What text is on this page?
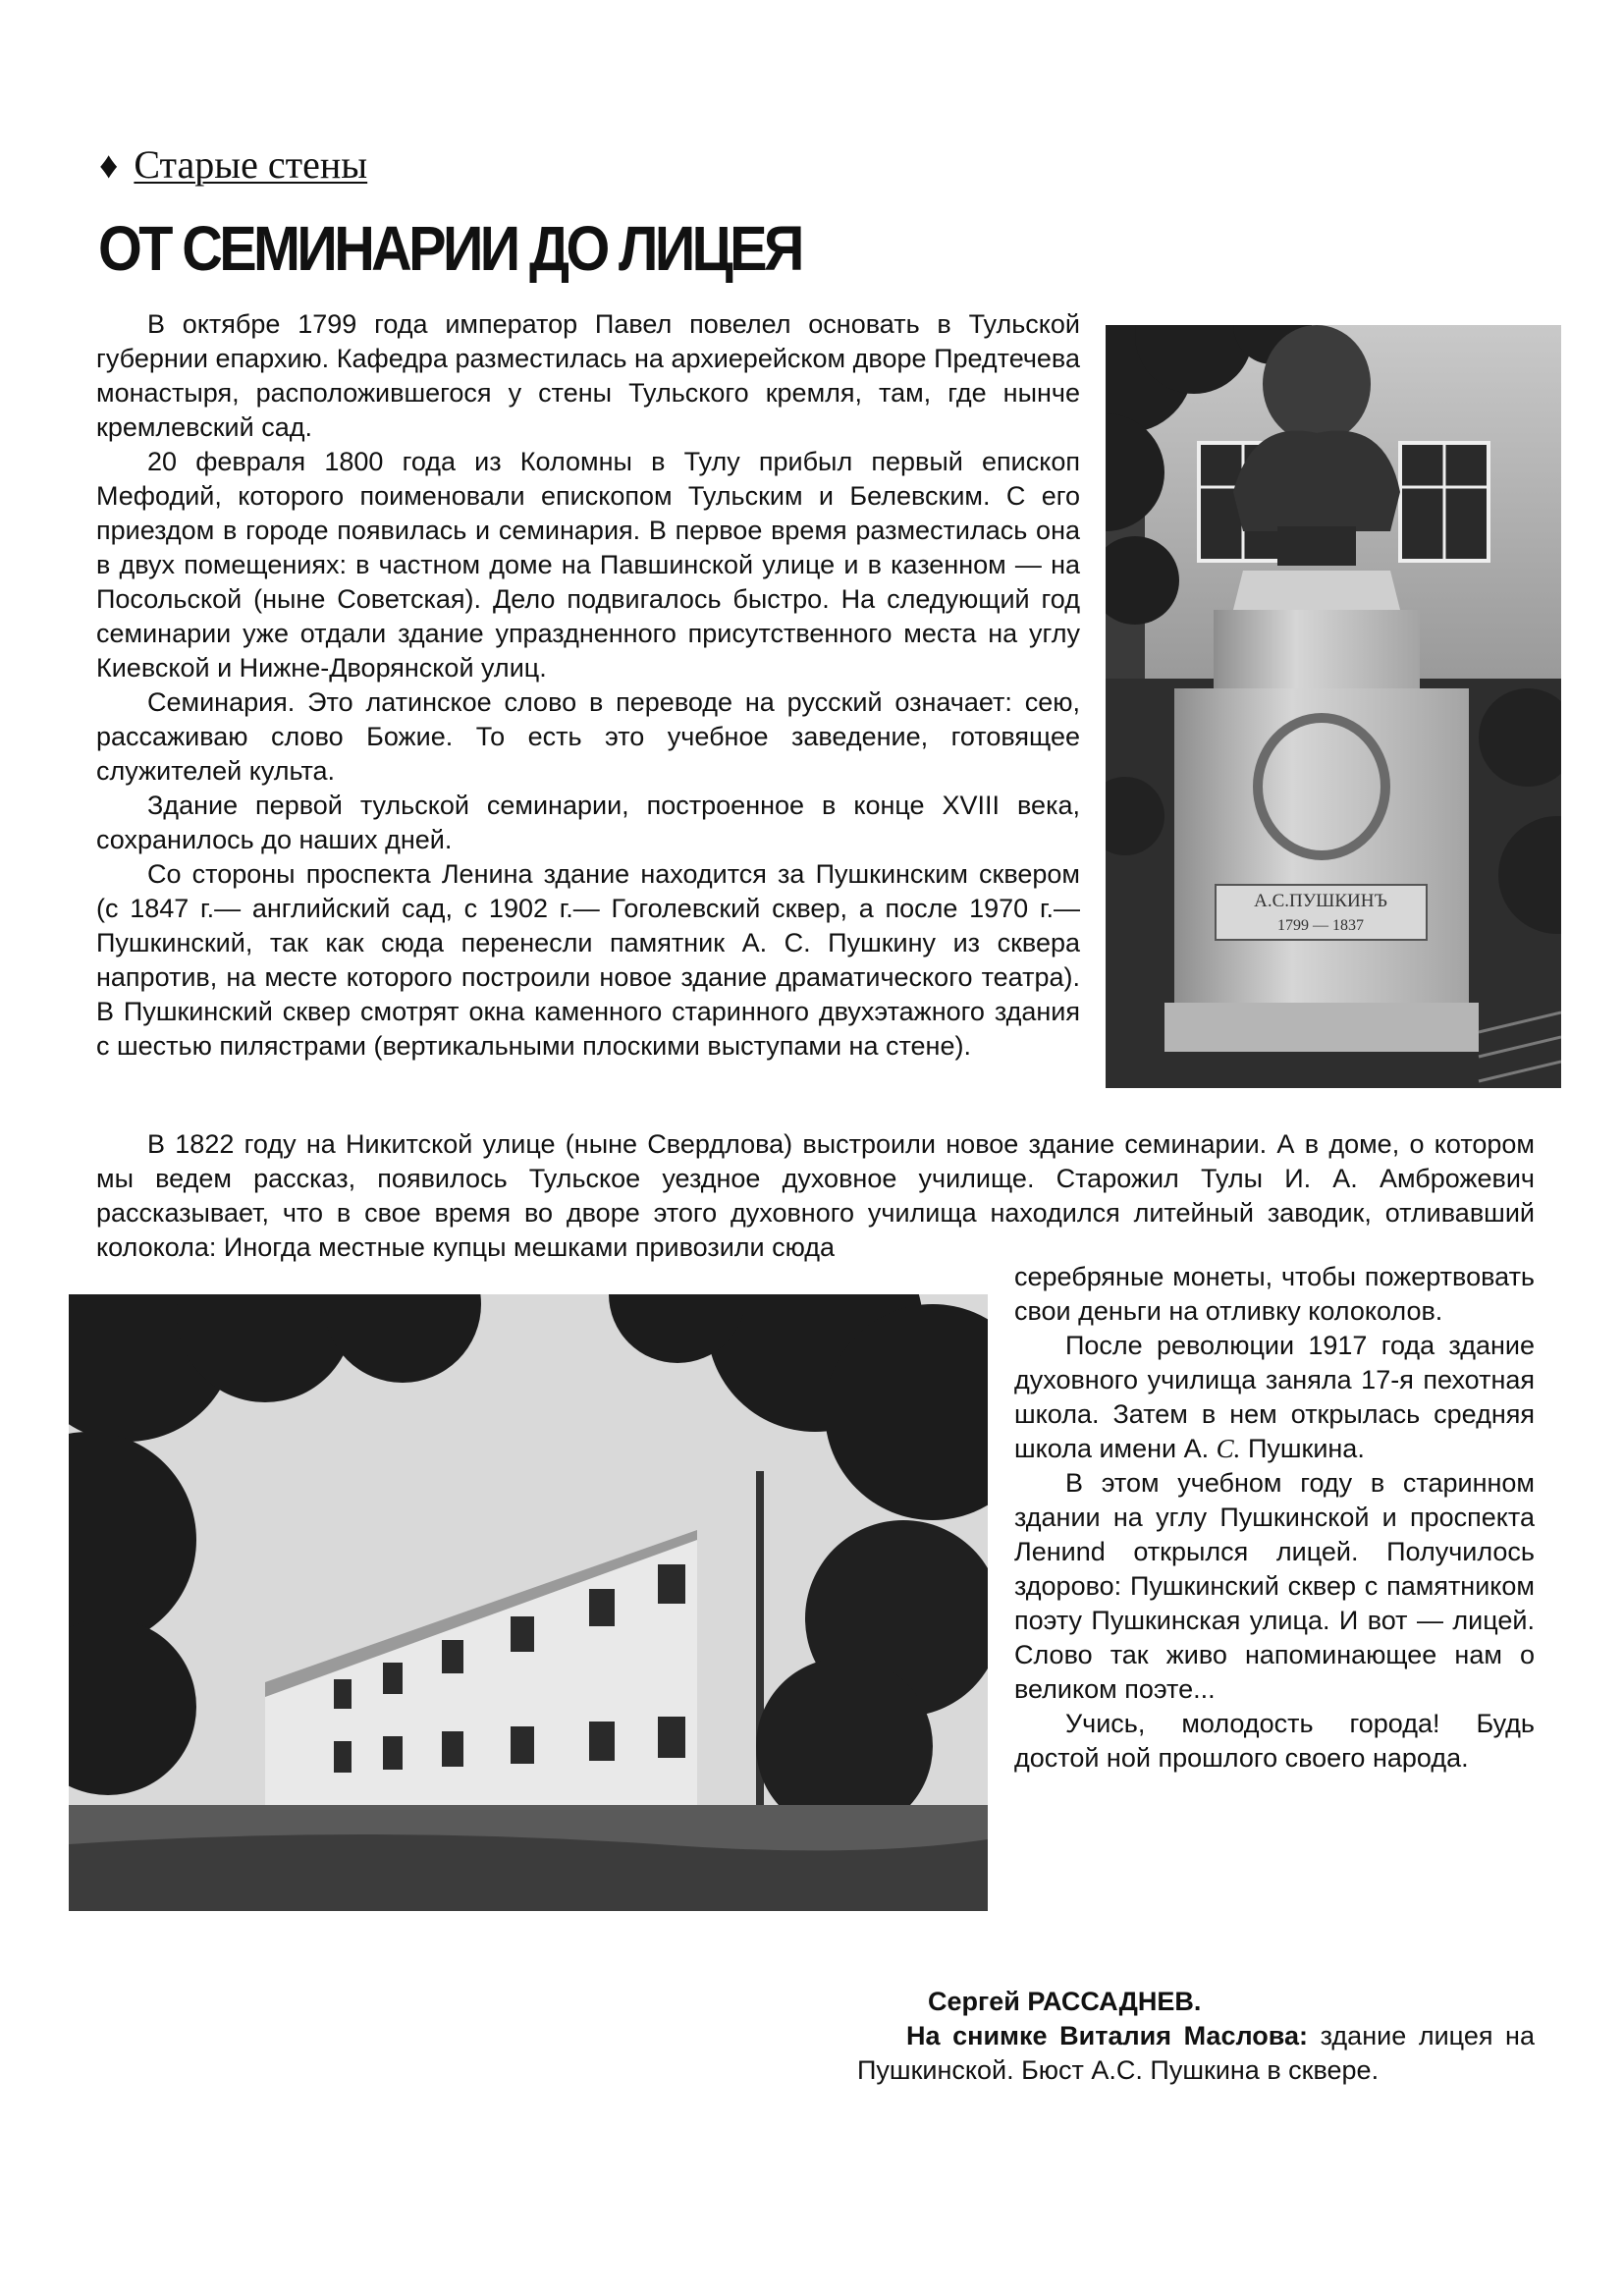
♦ Старые стены
ОТ СЕМИНАРИИ ДО ЛИЦЕЯ

В октябре 1799 года император Павел повелел основать в Тульской губернии епархию. Кафедра разместилась на архиерейском дворе Предтечева монастыря, расположившегося у стены Тульского кремля, там, где нынче кремлевский сад.

20 февраля 1800 года из Коломны в Тулу прибыл первый епископ Мефодий, которого поименовали епископом Тульским и Белевским. С его приездом в городе появилась и семинария. В первое время разместилась она в двух помещениях: в частном доме на Павшинской улице и в казенном — на Посольской (ныне Советская). Дело подвигалось быстро. На следующий год семинарии уже отдали здание упраздненного присутственного места на углу Киевской и Нижне-Дворянской улиц.

Семинария. Это латинское слово в переводе на русский означает: сею, рассаживаю слово Божие. То есть это учебное заведение, готовящее служителей культа.

Здание первой тульской семинарии, построенное в конце XVIII века, сохранилось до наших дней.

Со стороны проспекта Ленина здание находится за Пушкинским сквером (с 1847 г.— английский сад, с 1902 г.— Гоголевский сквер, а после 1970 г.— Пушкинский, так как сюда перенесли памятник А. С. Пушкину из сквера напротив, на месте которого построили новое здание драматического театра). В Пушкинский сквер смотрят окна каменного старинного двухэтажного здания с шестью пилястрами (вертикальными плоскими выступами на стене).

А.С.ПУШКИНЪ
1799 — 1837

В 1822 году на Никитской улице (ныне Свердлова) выстроили новое здание семинарии. А в доме, о котором мы ведем рассказ, появилось Тульское уездное духовное училище. Старожил Тулы И. А. Амброжевич рассказывает, что в свое время во дворе этого духовного училища находился литейный заводик, отливавший колокола: Иногда местные купцы мешками привозили сюда

серебряные монеты, чтобы пожертвовать свои деньги на отливку колоколов.

После революции 1917 года здание духовного училища заняла 17-я пехотная школа. Затем в нем открылась средняя школа имени А. С. Пушкина.

В этом учебном году в старинном здании на углу Пушкинской и проспекта Лениnd открылся лицей. Получилось здорово: Пушкинский сквер с памятником поэту Пушкинская улица. И вот — лицей. Слово так живо напоминающее нам о великом поэте...

Учись, молодость города! Будь достой ной прошлого своего народа.

Сергей РАССАДНЕВ.
На снимке Виталия Маслова: здание лицея на Пушкинской. Бюст А.С. Пушкина в сквере.
